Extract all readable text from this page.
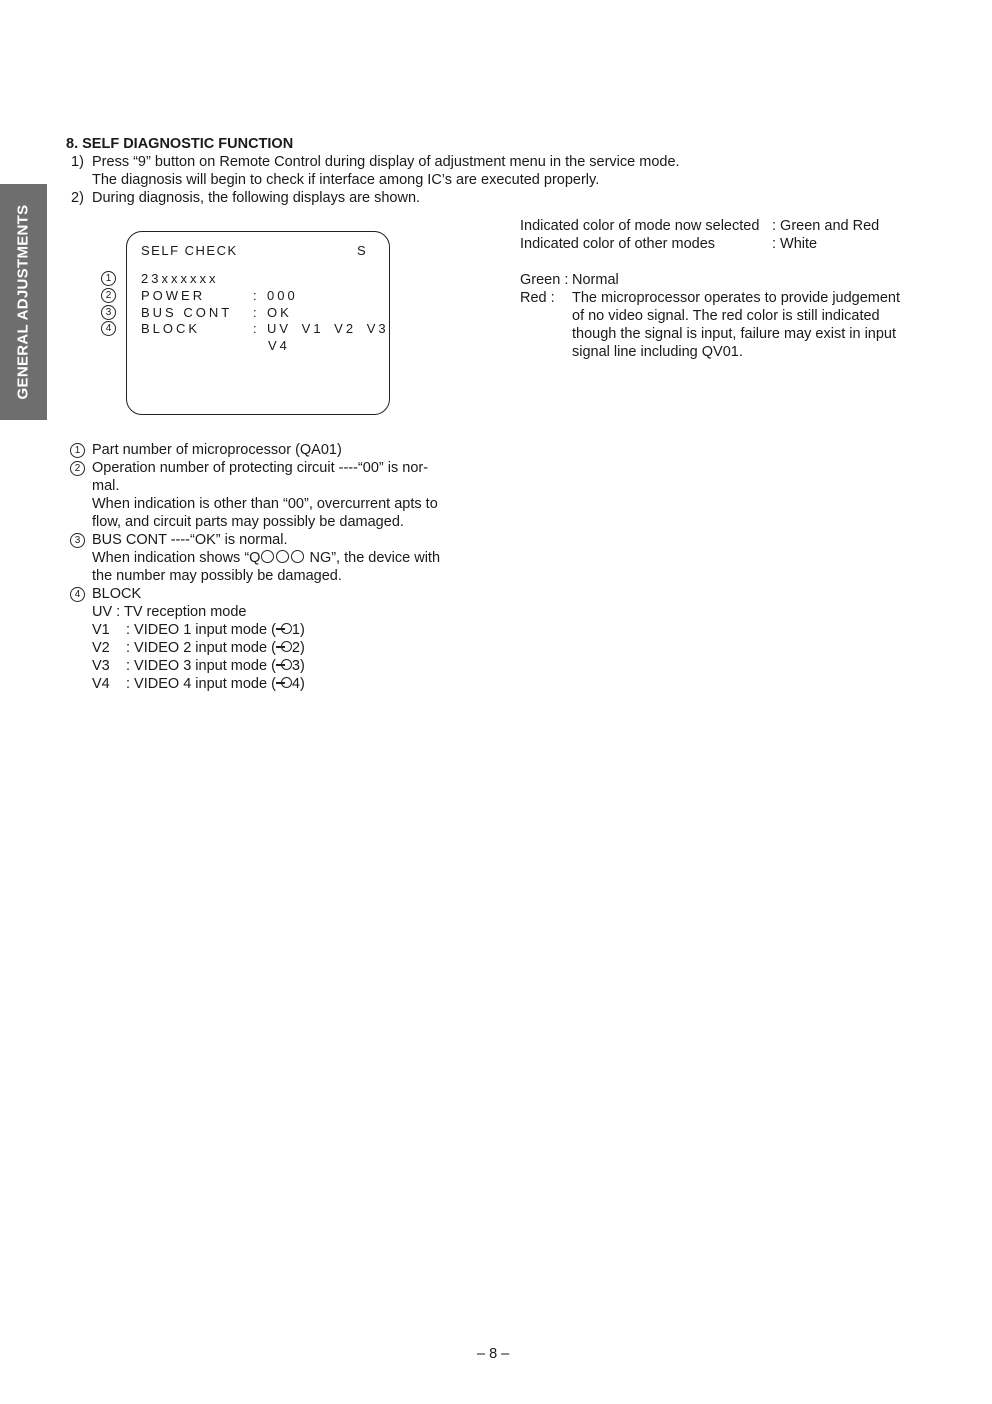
GENERAL ADJUSTMENTS
8. SELF DIAGNOSTIC FUNCTION
1) Press “9” button on Remote Control during display of adjustment menu in the service mode.
The diagnosis will begin to check if interface among IC’s are executed properly.
2) During diagnosis, the following displays are shown.
SELF CHECK	S
1	23xxxxxx
2	POWER	: 000
3	BUS CONT : OK
4	BLOCK	: UV V1 V2 V3
V4
Indicated color of mode now selected : Green and Red
Indicated color of other modes	: White
Green : Normal
Red : The microprocessor operates to provide judgement
of no video signal. The red color is still indicated
though the signal is input, failure may exist in input
signal line including QV01.
1 Part number of microprocessor (QA01)
2 Operation number of protecting circuit ----“00” is nor-
mal.
When indication is other than “00”, overcurrent apts to
flow, and circuit parts may possibly be damaged.
3 BUS CONT ----“OK” is normal.
When indication shows “Q	NG”, the device with
the number may possibly be damaged.
4 BLOCK
UV : TV reception mode
V1 : VIDEO 1 input mode ( 1)
V2 : VIDEO 2 input mode ( 2)
V3 : VIDEO 3 input mode ( 3)
V4 : VIDEO 4 input mode ( 4)
– 8 –
